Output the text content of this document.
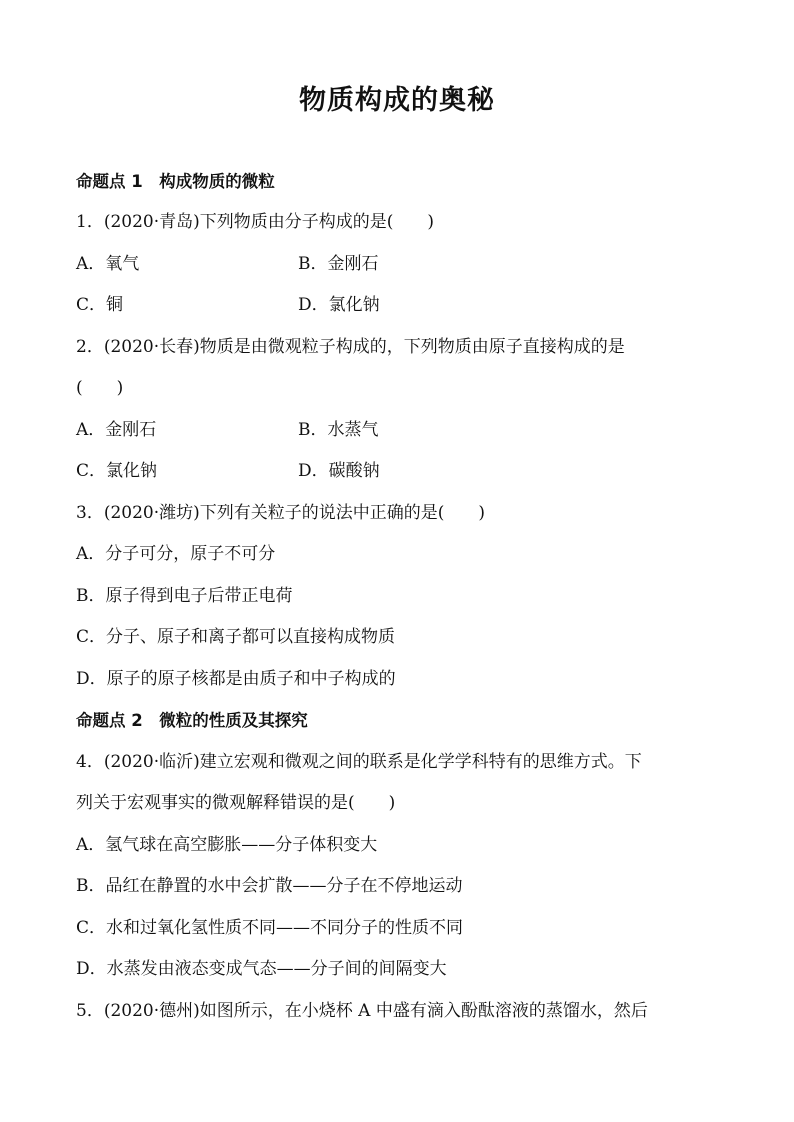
物质构成的奥秘
命题点 1　构成物质的微粒
1．(2020·青岛)下列物质由分子构成的是(　　)
A．氧气	B．金刚石
C．铜	D．氯化钠
2．(2020·长春)物质是由微观粒子构成的，下列物质由原子直接构成的是
(　　)
A．金刚石	B．水蒸气
C．氯化钠	D．碳酸钠
3．(2020·潍坊)下列有关粒子的说法中正确的是(　　)
A．分子可分，原子不可分
B．原子得到电子后带正电荷
C．分子、原子和离子都可以直接构成物质
D．原子的原子核都是由质子和中子构成的
命题点 2　微粒的性质及其探究
4．(2020·临沂)建立宏观和微观之间的联系是化学学科特有的思维方式。下
列关于宏观事实的微观解释错误的是(　　)
A．氢气球在高空膨胀——分子体积变大
B．品红在静置的水中会扩散——分子在不停地运动
C．水和过氧化氢性质不同——不同分子的性质不同
D．水蒸发由液态变成气态——分子间的间隔变大
5．(2020·德州)如图所示，在小烧杯 A 中盛有滴入酚酞溶液的蒸馏水，然后
